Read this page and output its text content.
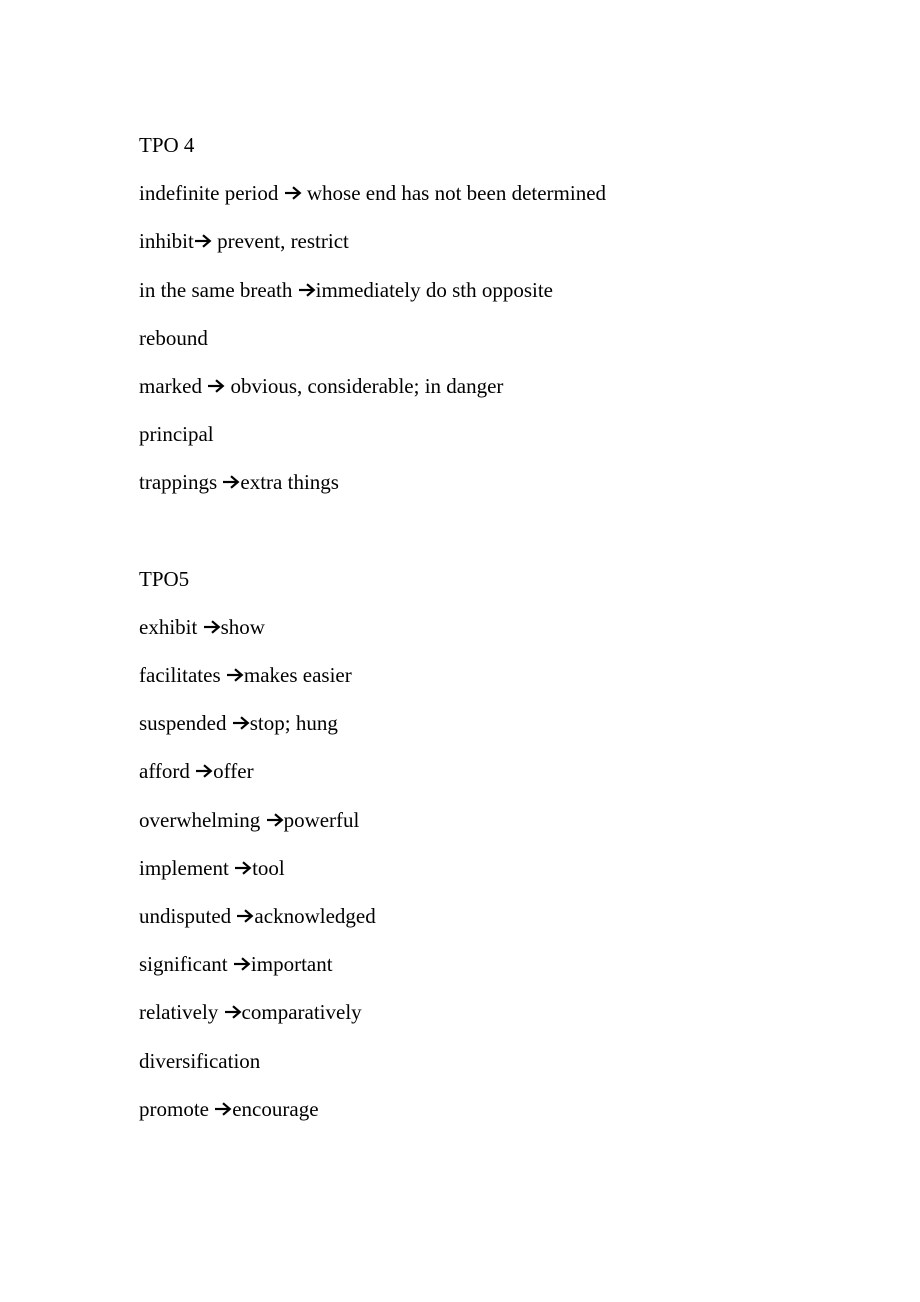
TPO 4
indefinite period whose end has not been determined
inhibit prevent, restrict
in the same breath immediately do sth opposite
rebound
marked obvious, considerable; in danger
principal
trappings extra things
TPO5
exhibit show
facilitates makes easier
suspended stop; hung
afford offer
overwhelming powerful
implement tool
undisputed acknowledged
significant important
relatively comparatively
diversification
promote encourage
